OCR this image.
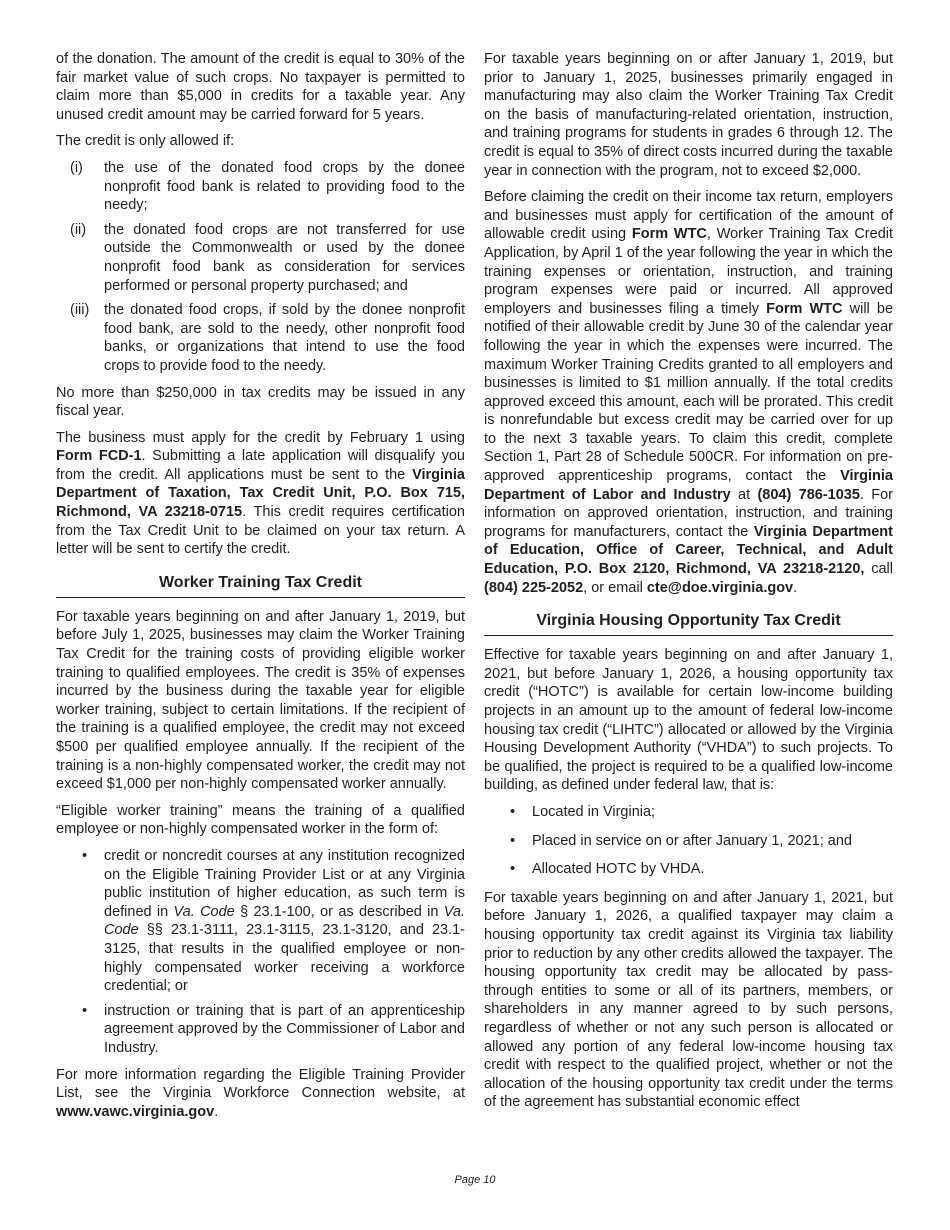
of the donation. The amount of the credit is equal to 30% of the fair market value of such crops. No taxpayer is permitted to claim more than $5,000 in credits for a taxable year. Any unused credit amount may be carried forward for 5 years.

The credit is only allowed if:

(i) the use of the donated food crops by the donee nonprofit food bank is related to providing food to the needy;
(ii) the donated food crops are not transferred for use outside the Commonwealth or used by the donee nonprofit food bank as consideration for services performed or personal property purchased; and
(iii) the donated food crops, if sold by the donee nonprofit food bank, are sold to the needy, other nonprofit food banks, or organizations that intend to use the food crops to provide food to the needy.

No more than $250,000 in tax credits may be issued in any fiscal year.

The business must apply for the credit by February 1 using Form FCD-1. Submitting a late application will disqualify you from the credit. All applications must be sent to the Virginia Department of Taxation, Tax Credit Unit, P.O. Box 715, Richmond, VA 23218-0715. This credit requires certification from the Tax Credit Unit to be claimed on your tax return. A letter will be sent to certify the credit.

Worker Training Tax Credit

For taxable years beginning on and after January 1, 2019, but before July 1, 2025, businesses may claim the Worker Training Tax Credit for the training costs of providing eligible worker training to qualified employees. The credit is 35% of expenses incurred by the business during the taxable year for eligible worker training, subject to certain limitations. If the recipient of the training is a qualified employee, the credit may not exceed $500 per qualified employee annually. If the recipient of the training is a non-highly compensated worker, the credit may not exceed $1,000 per non-highly compensated worker annually.

“Eligible worker training” means the training of a qualified employee or non-highly compensated worker in the form of:

• credit or noncredit courses at any institution recognized on the Eligible Training Provider List or at any Virginia public institution of higher education, as such term is defined in Va. Code § 23.1-100, or as described in Va. Code §§ 23.1-3111, 23.1-3115, 23.1-3120, and 23.1-3125, that results in the qualified employee or non-highly compensated worker receiving a workforce credential; or
• instruction or training that is part of an apprenticeship agreement approved by the Commissioner of Labor and Industry.

For more information regarding the Eligible Training Provider List, see the Virginia Workforce Connection website, at www.vawc.virginia.gov.

For taxable years beginning on or after January 1, 2019, but prior to January 1, 2025, businesses primarily engaged in manufacturing may also claim the Worker Training Tax Credit on the basis of manufacturing-related orientation, instruction, and training programs for students in grades 6 through 12. The credit is equal to 35% of direct costs incurred during the taxable year in connection with the program, not to exceed $2,000.

Before claiming the credit on their income tax return, employers and businesses must apply for certification of the amount of allowable credit using Form WTC, Worker Training Tax Credit Application, by April 1 of the year following the year in which the training expenses or orientation, instruction, and training program expenses were paid or incurred. All approved employers and businesses filing a timely Form WTC will be notified of their allowable credit by June 30 of the calendar year following the year in which the expenses were incurred. The maximum Worker Training Credits granted to all employers and businesses is limited to $1 million annually. If the total credits approved exceed this amount, each will be prorated. This credit is nonrefundable but excess credit may be carried over for up to the next 3 taxable years. To claim this credit, complete Section 1, Part 28 of Schedule 500CR. For information on pre-approved apprenticeship programs, contact the Virginia Department of Labor and Industry at (804) 786-1035. For information on approved orientation, instruction, and training programs for manufacturers, contact the Virginia Department of Education, Office of Career, Technical, and Adult Education, P.O. Box 2120, Richmond, VA 23218-2120, call (804) 225-2052, or email cte@doe.virginia.gov.

Virginia Housing Opportunity Tax Credit

Effective for taxable years beginning on and after January 1, 2021, but before January 1, 2026, a housing opportunity tax credit (“HOTC”) is available for certain low-income building projects in an amount up to the amount of federal low-income housing tax credit (“LIHTC”) allocated or allowed by the Virginia Housing Development Authority (“VHDA”) to such projects. To be qualified, the project is required to be a qualified low-income building, as defined under federal law, that is:

• Located in Virginia;
• Placed in service on or after January 1, 2021; and
• Allocated HOTC by VHDA.

For taxable years beginning on and after January 1, 2021, but before January 1, 2026, a qualified taxpayer may claim a housing opportunity tax credit against its Virginia tax liability prior to reduction by any other credits allowed the taxpayer. The housing opportunity tax credit may be allocated by pass-through entities to some or all of its partners, members, or shareholders in any manner agreed to by such persons, regardless of whether or not any such person is allocated or allowed any portion of any federal low-income housing tax credit with respect to the qualified project, whether or not the allocation of the housing opportunity tax credit under the terms of the agreement has substantial economic effect

Page 10
